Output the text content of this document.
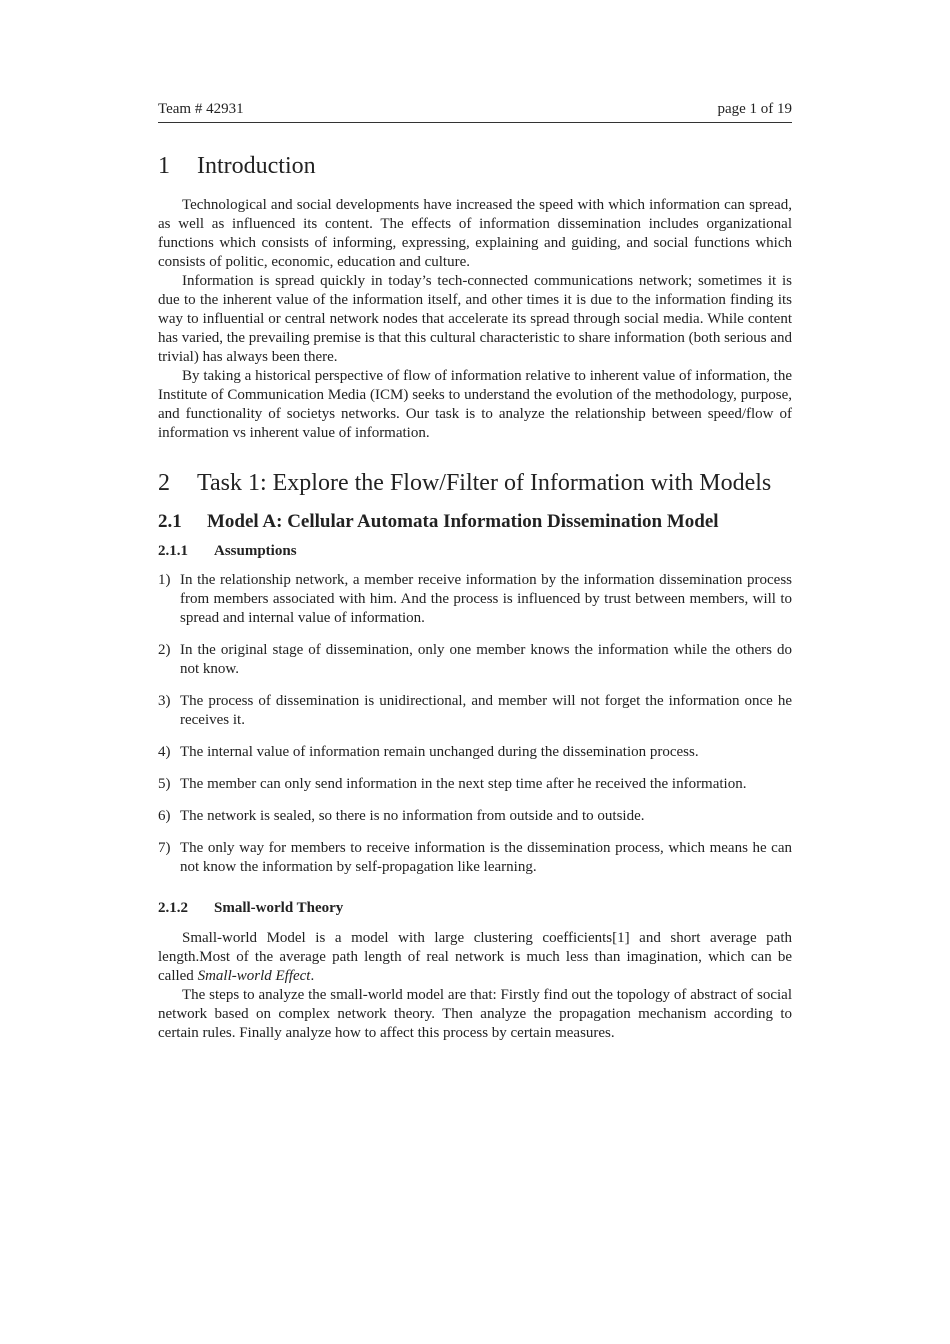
Team # 42931	page 1 of 19
1	Introduction

Technological and social developments have increased the speed with which information can spread, as well as influenced its content. The effects of information dissemination includes organizational functions which consists of informing, expressing, explaining and guiding, and social functions which consists of politic, economic, education and culture.

Information is spread quickly in today’s tech-connected communications network; sometimes it is due to the inherent value of the information itself, and other times it is due to the information finding its way to influential or central network nodes that accelerate its spread through social media. While content has varied, the prevailing premise is that this cultural characteristic to share information (both serious and trivial) has always been there.

By taking a historical perspective of flow of information relative to inherent value of information, the Institute of Communication Media (ICM) seeks to understand the evolution of the methodology, purpose, and functionality of societys networks. Our task is to analyze the relationship between speed/flow of information vs inherent value of information.

2	Task 1: Explore the Flow/Filter of Information with Models
2.1	Model A: Cellular Automata Information Dissemination Model
2.1.1	Assumptions
1) In the relationship network, a member receive information by the information dissemination process from members associated with him. And the process is influenced by trust between members, will to spread and internal value of information.
2) In the original stage of dissemination, only one member knows the information while the others do not know.
3) The process of dissemination is unidirectional, and member will not forget the information once he receives it.
4) The internal value of information remain unchanged during the dissemination process.
5) The member can only send information in the next step time after he received the information.
6) The network is sealed, so there is no information from outside and to outside.
7) The only way for members to receive information is the dissemination process, which means he can not know the information by self-propagation like learning.
2.1.2	Small-world Theory

Small-world Model is a model with large clustering coefficients[1] and short average path length.Most of the average path length of real network is much less than imagination, which can be called Small-world Effect.

The steps to analyze the small-world model are that: Firstly find out the topology of abstract of social network based on complex network theory. Then analyze the propagation mechanism according to certain rules. Finally analyze how to affect this process by certain measures.
